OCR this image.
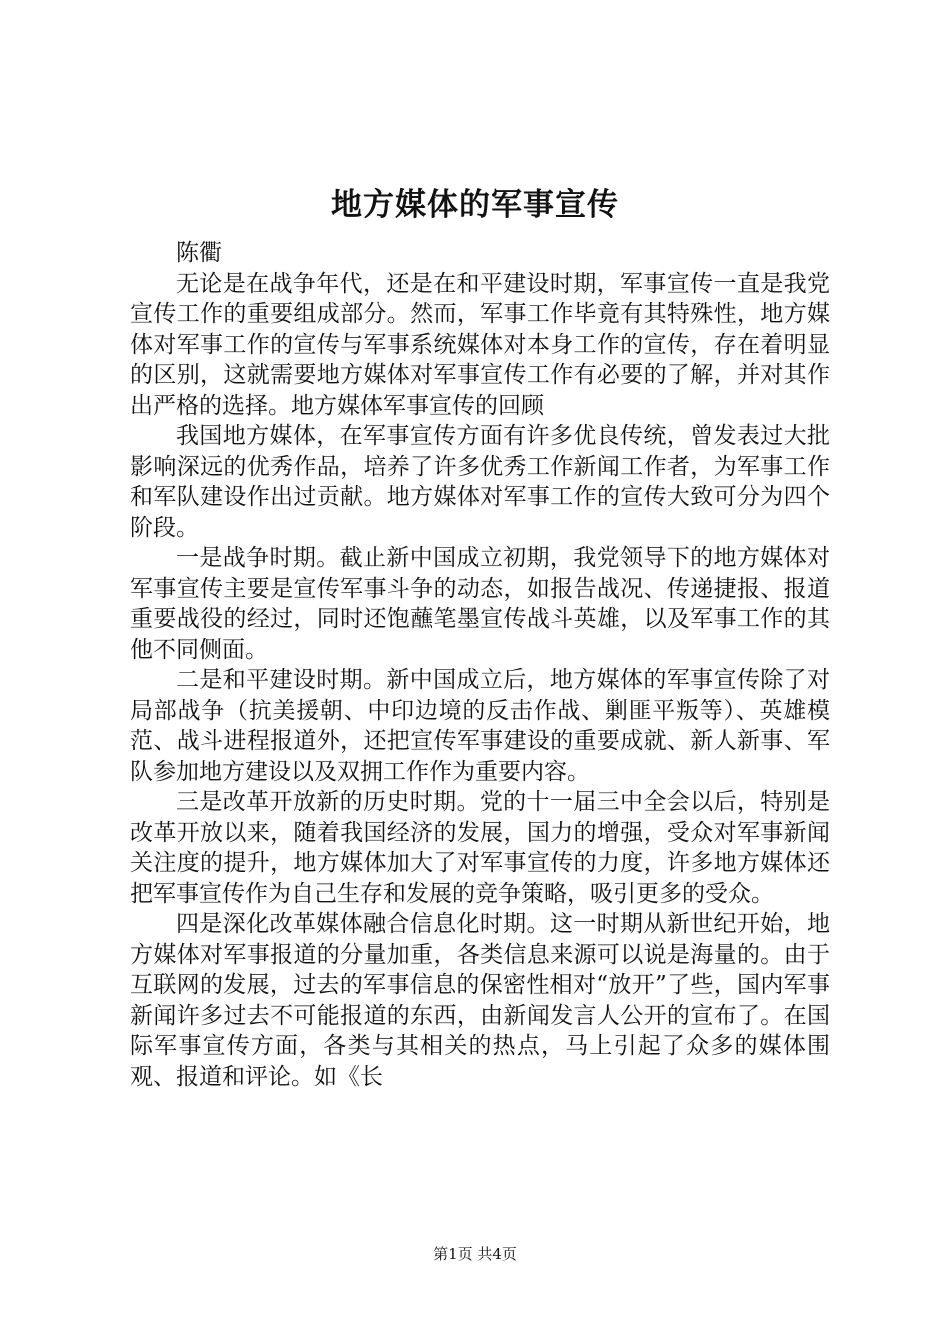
地方媒体的军事宣传

陈衢

无论是在战争年代，还是在和平建设时期，军事宣传一直是我党宣传工作的重要组成部分。然而，军事工作毕竟有其特殊性，地方媒体对军事工作的宣传与军事系统媒体对本身工作的宣传，存在着明显的区别，这就需要地方媒体对军事宣传工作有必要的了解，并对其作出严格的选择。地方媒体军事宣传的回顾

我国地方媒体，在军事宣传方面有许多优良传统，曾发表过大批影响深远的优秀作品，培养了许多优秀工作新闻工作者，为军事工作和军队建设作出过贡献。地方媒体对军事工作的宣传大致可分为四个阶段。

一是战争时期。截止新中国成立初期，我党领导下的地方媒体对军事宣传主要是宣传军事斗争的动态，如报告战况、传递捷报、报道重要战役的经过，同时还饱蘸笔墨宣传战斗英雄，以及军事工作的其他不同侧面。

二是和平建设时期。新中国成立后，地方媒体的军事宣传除了对局部战争（抗美援朝、中印边境的反击作战、剿匪平叛等）、英雄模范、战斗进程报道外，还把宣传军事建设的重要成就、新人新事、军队参加地方建设以及双拥工作作为重要内容。

三是改革开放新的历史时期。党的十一届三中全会以后，特别是改革开放以来，随着我国经济的发展，国力的增强，受众对军事新闻关注度的提升，地方媒体加大了对军事宣传的力度，许多地方媒体还把军事宣传作为自己生存和发展的竞争策略，吸引更多的受众。

四是深化改革媒体融合信息化时期。这一时期从新世纪开始，地方媒体对军事报道的分量加重，各类信息来源可以说是海量的。由于互联网的发展，过去的军事信息的保密性相对“放开”了些，国内军事新闻许多过去不可能报道的东西，由新闻发言人公开的宣布了。在国际军事宣传方面，各类与其相关的热点，马上引起了众多的媒体围观、报道和评论。如《长

第1页 共4页
